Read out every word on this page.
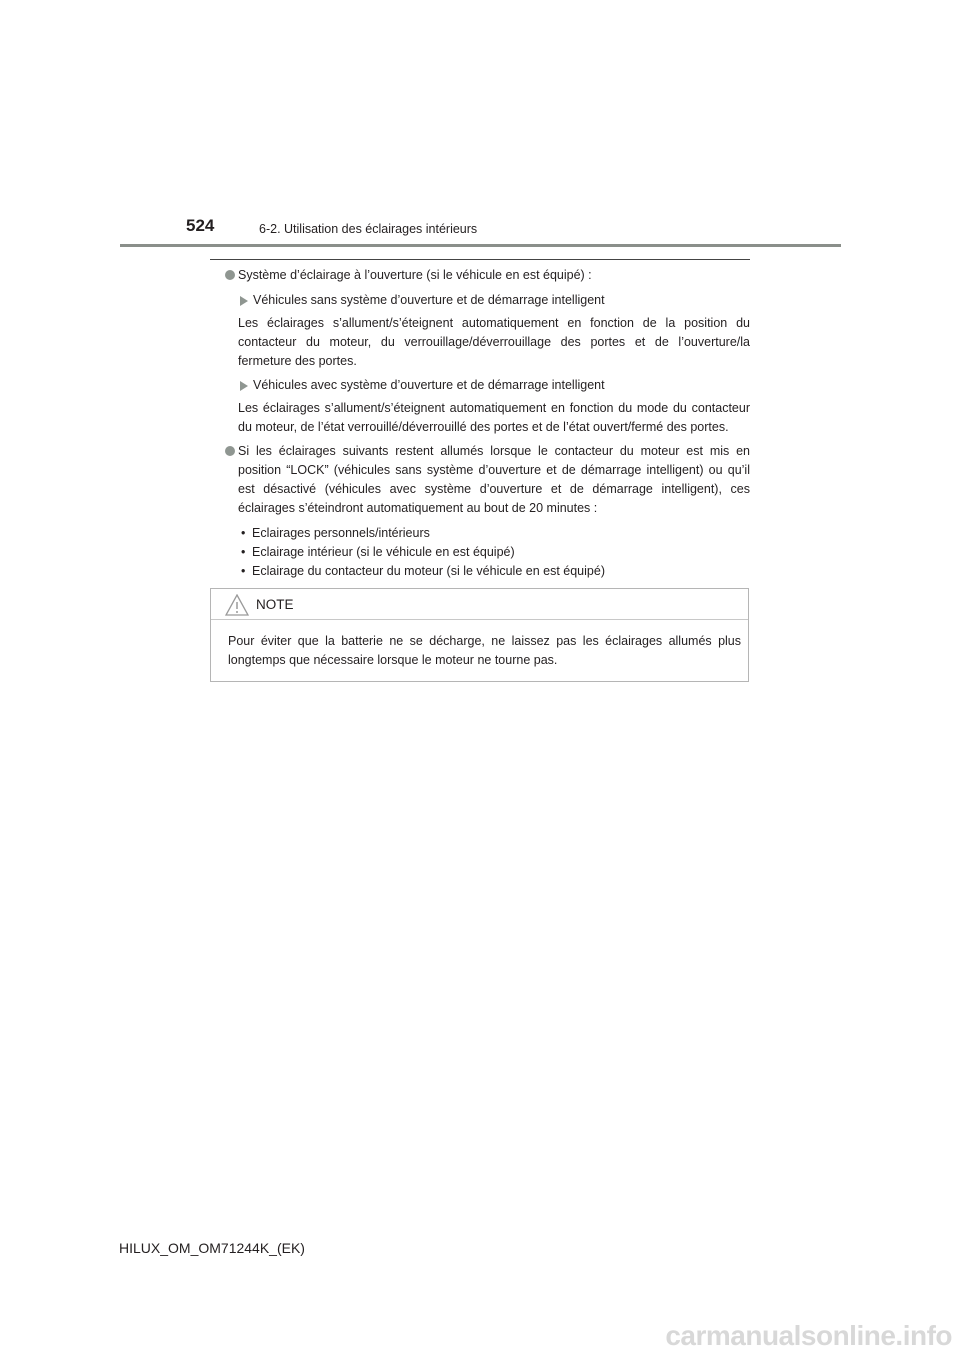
524	6-2. Utilisation des éclairages intérieurs
Système d’éclairage à l’ouverture (si le véhicule en est équipé) :
Véhicules sans système d’ouverture et de démarrage intelligent
Les éclairages s’allument/s’éteignent automatiquement en fonction de la position du contacteur du moteur, du verrouillage/déverrouillage des portes et de l’ouverture/la fermeture des portes.
Véhicules avec système d’ouverture et de démarrage intelligent
Les éclairages s’allument/s’éteignent automatiquement en fonction du mode du contacteur du moteur, de l’état verrouillé/déverrouillé des portes et de l’état ouvert/fermé des portes.
Si les éclairages suivants restent allumés lorsque le contacteur du moteur est mis en position “LOCK” (véhicules sans système d’ouverture et de démarrage intelligent) ou qu’il est désactivé (véhicules avec système d’ouverture et de démarrage intelligent), ces éclairages s’éteindront automatiquement au bout de 20 minutes :
• Eclairages personnels/intérieurs
• Eclairage intérieur (si le véhicule en est équipé)
• Eclairage du contacteur du moteur (si le véhicule en est équipé)
NOTE
Pour éviter que la batterie ne se décharge, ne laissez pas les éclairages allumés plus longtemps que nécessaire lorsque le moteur ne tourne pas.
HILUX_OM_OM71244K_(EK)
carmanualsonline.info
